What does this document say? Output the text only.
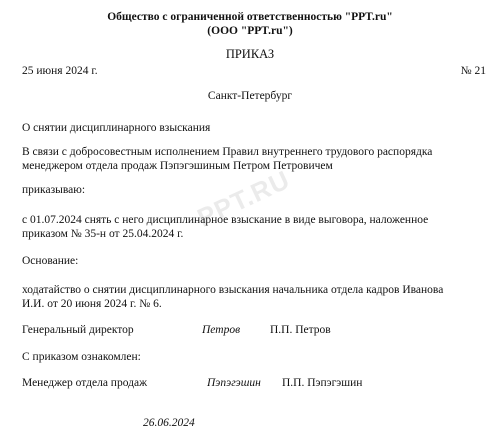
PPT.RU
Общество с ограниченной ответственностью "PPT.ru"
(ООО "PPT.ru")
ПРИКАЗ
25 июня 2024 г.	№ 21
Санкт-Петербург
О снятии дисциплинарного взыскания
В связи с добросовестным исполнением Правил внутреннего трудового распорядка
менеджером отдела продаж Пэпэгэшиным Петром Петровичем
приказываю:
с 01.07.2024 снять с него дисциплинарное взыскание в виде выговора, наложенное
приказом № 35-н от 25.04.2024 г.
Основание:
ходатайство о снятии дисциплинарного взыскания начальника отдела кадров Иванова
И.И. от 20 июня 2024 г. № 6.
Генеральный директор	Петров	П.П. Петров
С приказом ознакомлен:
Менеджер отдела продаж	Пэпэгэшин П.П. Пэпэгэшин
26.06.2024
